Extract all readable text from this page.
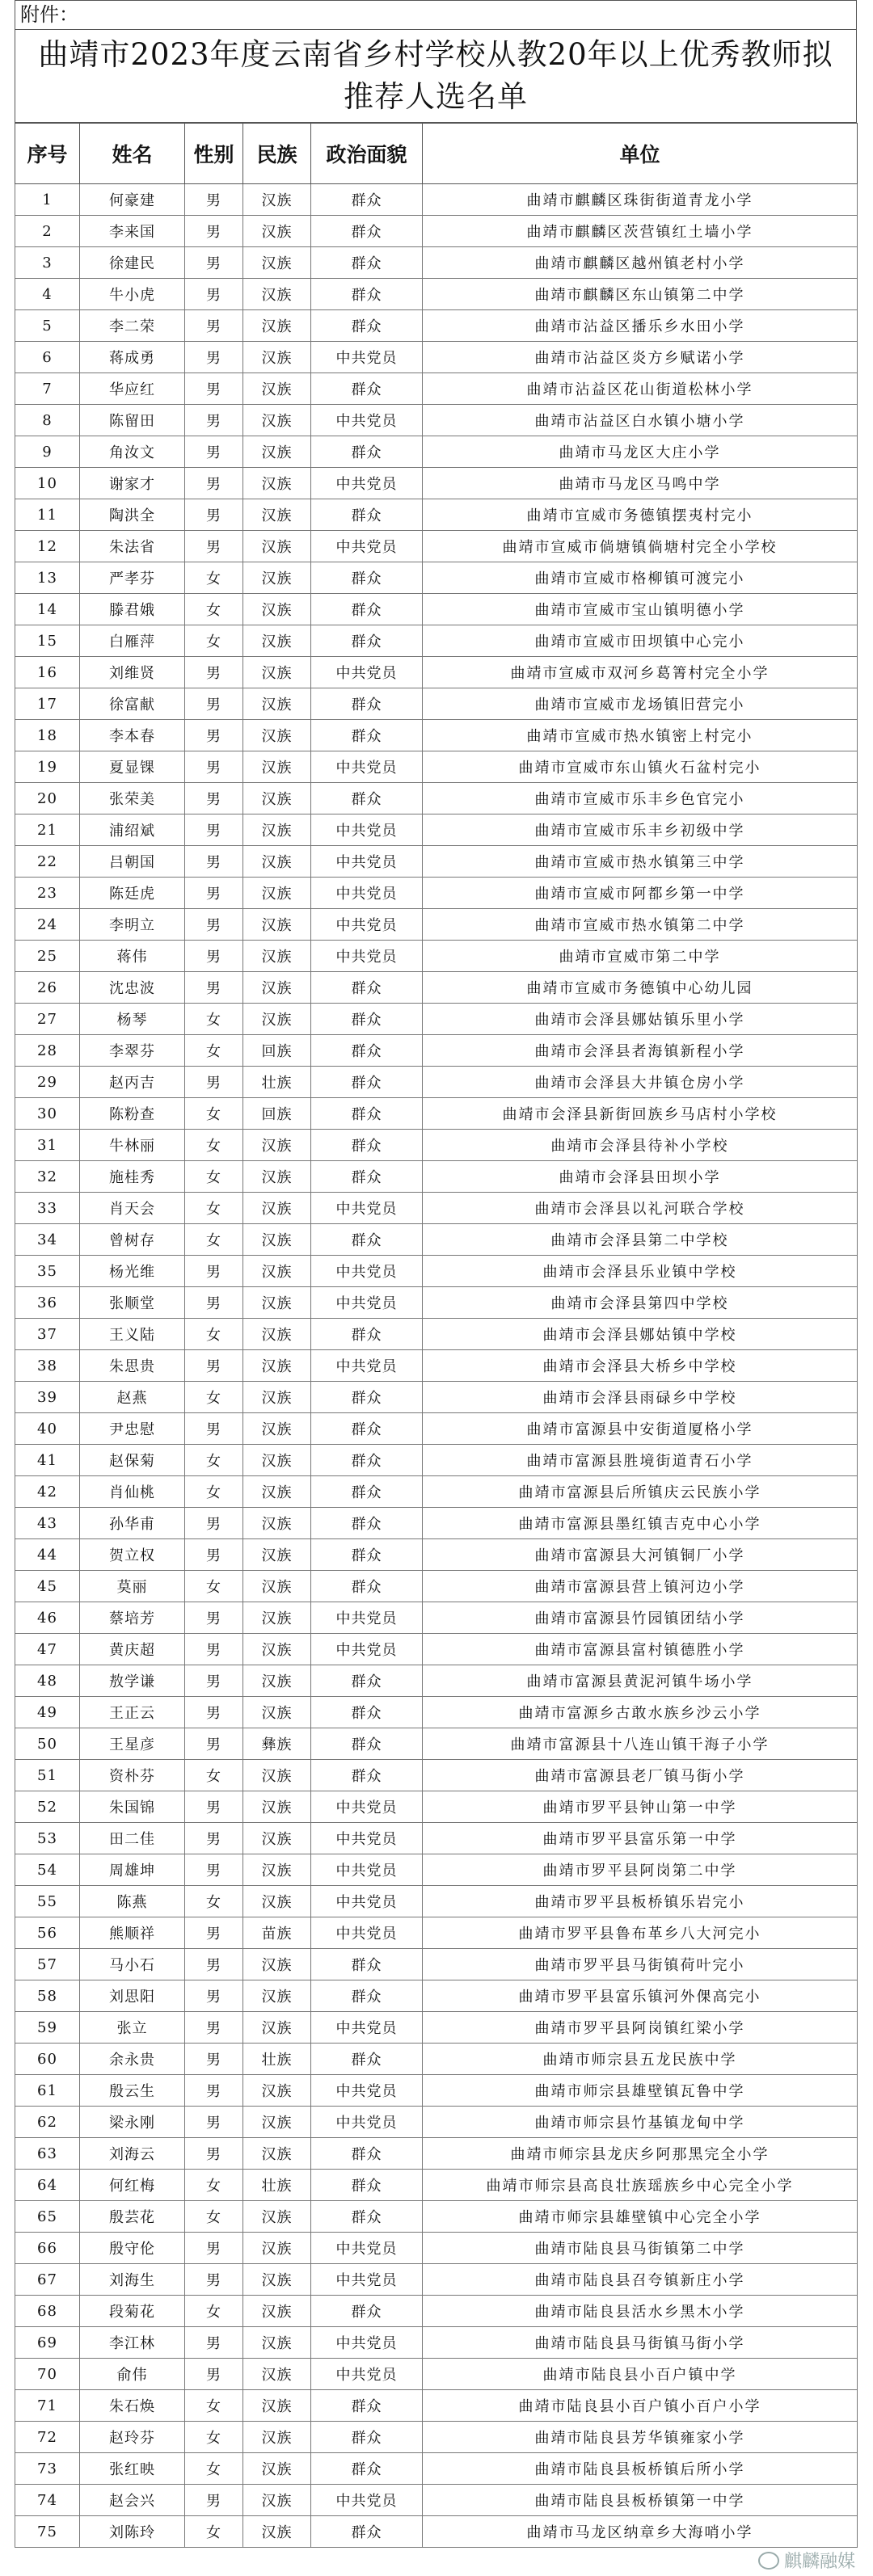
附件：
曲靖市2023年度云南省乡村学校从教20年以上优秀教师拟推荐人选名单
序号	姓名	性别	民族	政治面貌	单位
1	何豪建	男	汉族	群众	曲靖市麒麟区珠街街道青龙小学
2	李来国	男	汉族	群众	曲靖市麒麟区茨营镇红土墙小学
3	徐建民	男	汉族	群众	曲靖市麒麟区越州镇老村小学
4	牛小虎	男	汉族	群众	曲靖市麒麟区东山镇第二中学
5	李二荣	男	汉族	群众	曲靖市沾益区播乐乡水田小学
6	蒋成勇	男	汉族	中共党员	曲靖市沾益区炎方乡赋诺小学
7	华应红	男	汉族	群众	曲靖市沾益区花山街道松林小学
8	陈留田	男	汉族	中共党员	曲靖市沾益区白水镇小塘小学
9	角汝文	男	汉族	群众	曲靖市马龙区大庄小学
10	谢家才	男	汉族	中共党员	曲靖市马龙区马鸣中学
11	陶洪全	男	汉族	群众	曲靖市宣威市务德镇摆夷村完小
12	朱法省	男	汉族	中共党员	曲靖市宣威市倘塘镇倘塘村完全小学校
13	严孝芬	女	汉族	群众	曲靖市宣威市格柳镇可渡完小
14	滕君娥	女	汉族	群众	曲靖市宣威市宝山镇明德小学
15	白雁萍	女	汉族	群众	曲靖市宣威市田坝镇中心完小
16	刘维贤	男	汉族	中共党员	曲靖市宣威市双河乡葛箐村完全小学
17	徐富献	男	汉族	群众	曲靖市宣威市龙场镇旧营完小
18	李本春	男	汉族	群众	曲靖市宣威市热水镇密上村完小
19	夏显锞	男	汉族	中共党员	曲靖市宣威市东山镇火石盆村完小
20	张荣美	男	汉族	群众	曲靖市宣威市乐丰乡色官完小
21	浦绍斌	男	汉族	中共党员	曲靖市宣威市乐丰乡初级中学
22	吕朝国	男	汉族	中共党员	曲靖市宣威市热水镇第三中学
23	陈廷虎	男	汉族	中共党员	曲靖市宣威市阿都乡第一中学
24	李明立	男	汉族	中共党员	曲靖市宣威市热水镇第二中学
25	蒋伟	男	汉族	中共党员	曲靖市宣威市第二中学
26	沈忠波	男	汉族	群众	曲靖市宣威市务德镇中心幼儿园
27	杨琴	女	汉族	群众	曲靖市会泽县娜姑镇乐里小学
28	李翠芬	女	回族	群众	曲靖市会泽县者海镇新程小学
29	赵丙吉	男	壮族	群众	曲靖市会泽县大井镇仓房小学
30	陈粉查	女	回族	群众	曲靖市会泽县新街回族乡马店村小学校
31	牛林丽	女	汉族	群众	曲靖市会泽县待补小学校
32	施桂秀	女	汉族	群众	曲靖市会泽县田坝小学
33	肖天会	女	汉族	中共党员	曲靖市会泽县以礼河联合学校
34	曾树存	女	汉族	群众	曲靖市会泽县第二中学校
35	杨光维	男	汉族	中共党员	曲靖市会泽县乐业镇中学校
36	张顺堂	男	汉族	中共党员	曲靖市会泽县第四中学校
37	王义陆	女	汉族	群众	曲靖市会泽县娜姑镇中学校
38	朱思贵	男	汉族	中共党员	曲靖市会泽县大桥乡中学校
39	赵燕	女	汉族	群众	曲靖市会泽县雨碌乡中学校
40	尹忠慰	男	汉族	群众	曲靖市富源县中安街道厦格小学
41	赵保菊	女	汉族	群众	曲靖市富源县胜境街道青石小学
42	肖仙桃	女	汉族	群众	曲靖市富源县后所镇庆云民族小学
43	孙华甫	男	汉族	群众	曲靖市富源县墨红镇吉克中心小学
44	贺立权	男	汉族	群众	曲靖市富源县大河镇铜厂小学
45	莫丽	女	汉族	群众	曲靖市富源县营上镇河边小学
46	蔡培芳	男	汉族	中共党员	曲靖市富源县竹园镇团结小学
47	黄庆超	男	汉族	中共党员	曲靖市富源县富村镇德胜小学
48	敖学谦	男	汉族	群众	曲靖市富源县黄泥河镇牛场小学
49	王正云	男	汉族	群众	曲靖市富源乡古敢水族乡沙云小学
50	王星彦	男	彝族	群众	曲靖市富源县十八连山镇干海子小学
51	资朴芬	女	汉族	群众	曲靖市富源县老厂镇马街小学
52	朱国锦	男	汉族	中共党员	曲靖市罗平县钟山第一中学
53	田二佳	男	汉族	中共党员	曲靖市罗平县富乐第一中学
54	周雄坤	男	汉族	中共党员	曲靖市罗平县阿岗第二中学
55	陈燕	女	汉族	中共党员	曲靖市罗平县板桥镇乐岩完小
56	熊顺祥	男	苗族	中共党员	曲靖市罗平县鲁布革乡八大河完小
57	马小石	男	汉族	群众	曲靖市罗平县马街镇荷叶完小
58	刘思阳	男	汉族	群众	曲靖市罗平县富乐镇河外倮高完小
59	张立	男	汉族	中共党员	曲靖市罗平县阿岗镇红梁小学
60	余永贵	男	壮族	群众	曲靖市师宗县五龙民族中学
61	殷云生	男	汉族	中共党员	曲靖市师宗县雄壁镇瓦鲁中学
62	梁永刚	男	汉族	中共党员	曲靖市师宗县竹基镇龙甸中学
63	刘海云	男	汉族	群众	曲靖市师宗县龙庆乡阿那黑完全小学
64	何红梅	女	壮族	群众	曲靖市师宗县高良壮族瑶族乡中心完全小学
65	殷芸花	女	汉族	群众	曲靖市师宗县雄壁镇中心完全小学
66	殷守伦	男	汉族	中共党员	曲靖市陆良县马街镇第二中学
67	刘海生	男	汉族	中共党员	曲靖市陆良县召夸镇新庄小学
68	段菊花	女	汉族	群众	曲靖市陆良县活水乡黑木小学
69	李江林	男	汉族	中共党员	曲靖市陆良县马街镇马街小学
70	俞伟	男	汉族	中共党员	曲靖市陆良县小百户镇中学
71	朱石焕	女	汉族	群众	曲靖市陆良县小百户镇小百户小学
72	赵玲芬	女	汉族	群众	曲靖市陆良县芳华镇雍家小学
73	张红映	女	汉族	群众	曲靖市陆良县板桥镇后所小学
74	赵会兴	男	汉族	中共党员	曲靖市陆良县板桥镇第一中学
75	刘陈玲	女	汉族	群众	曲靖市马龙区纳章乡大海哨小学
麒麟融媒
